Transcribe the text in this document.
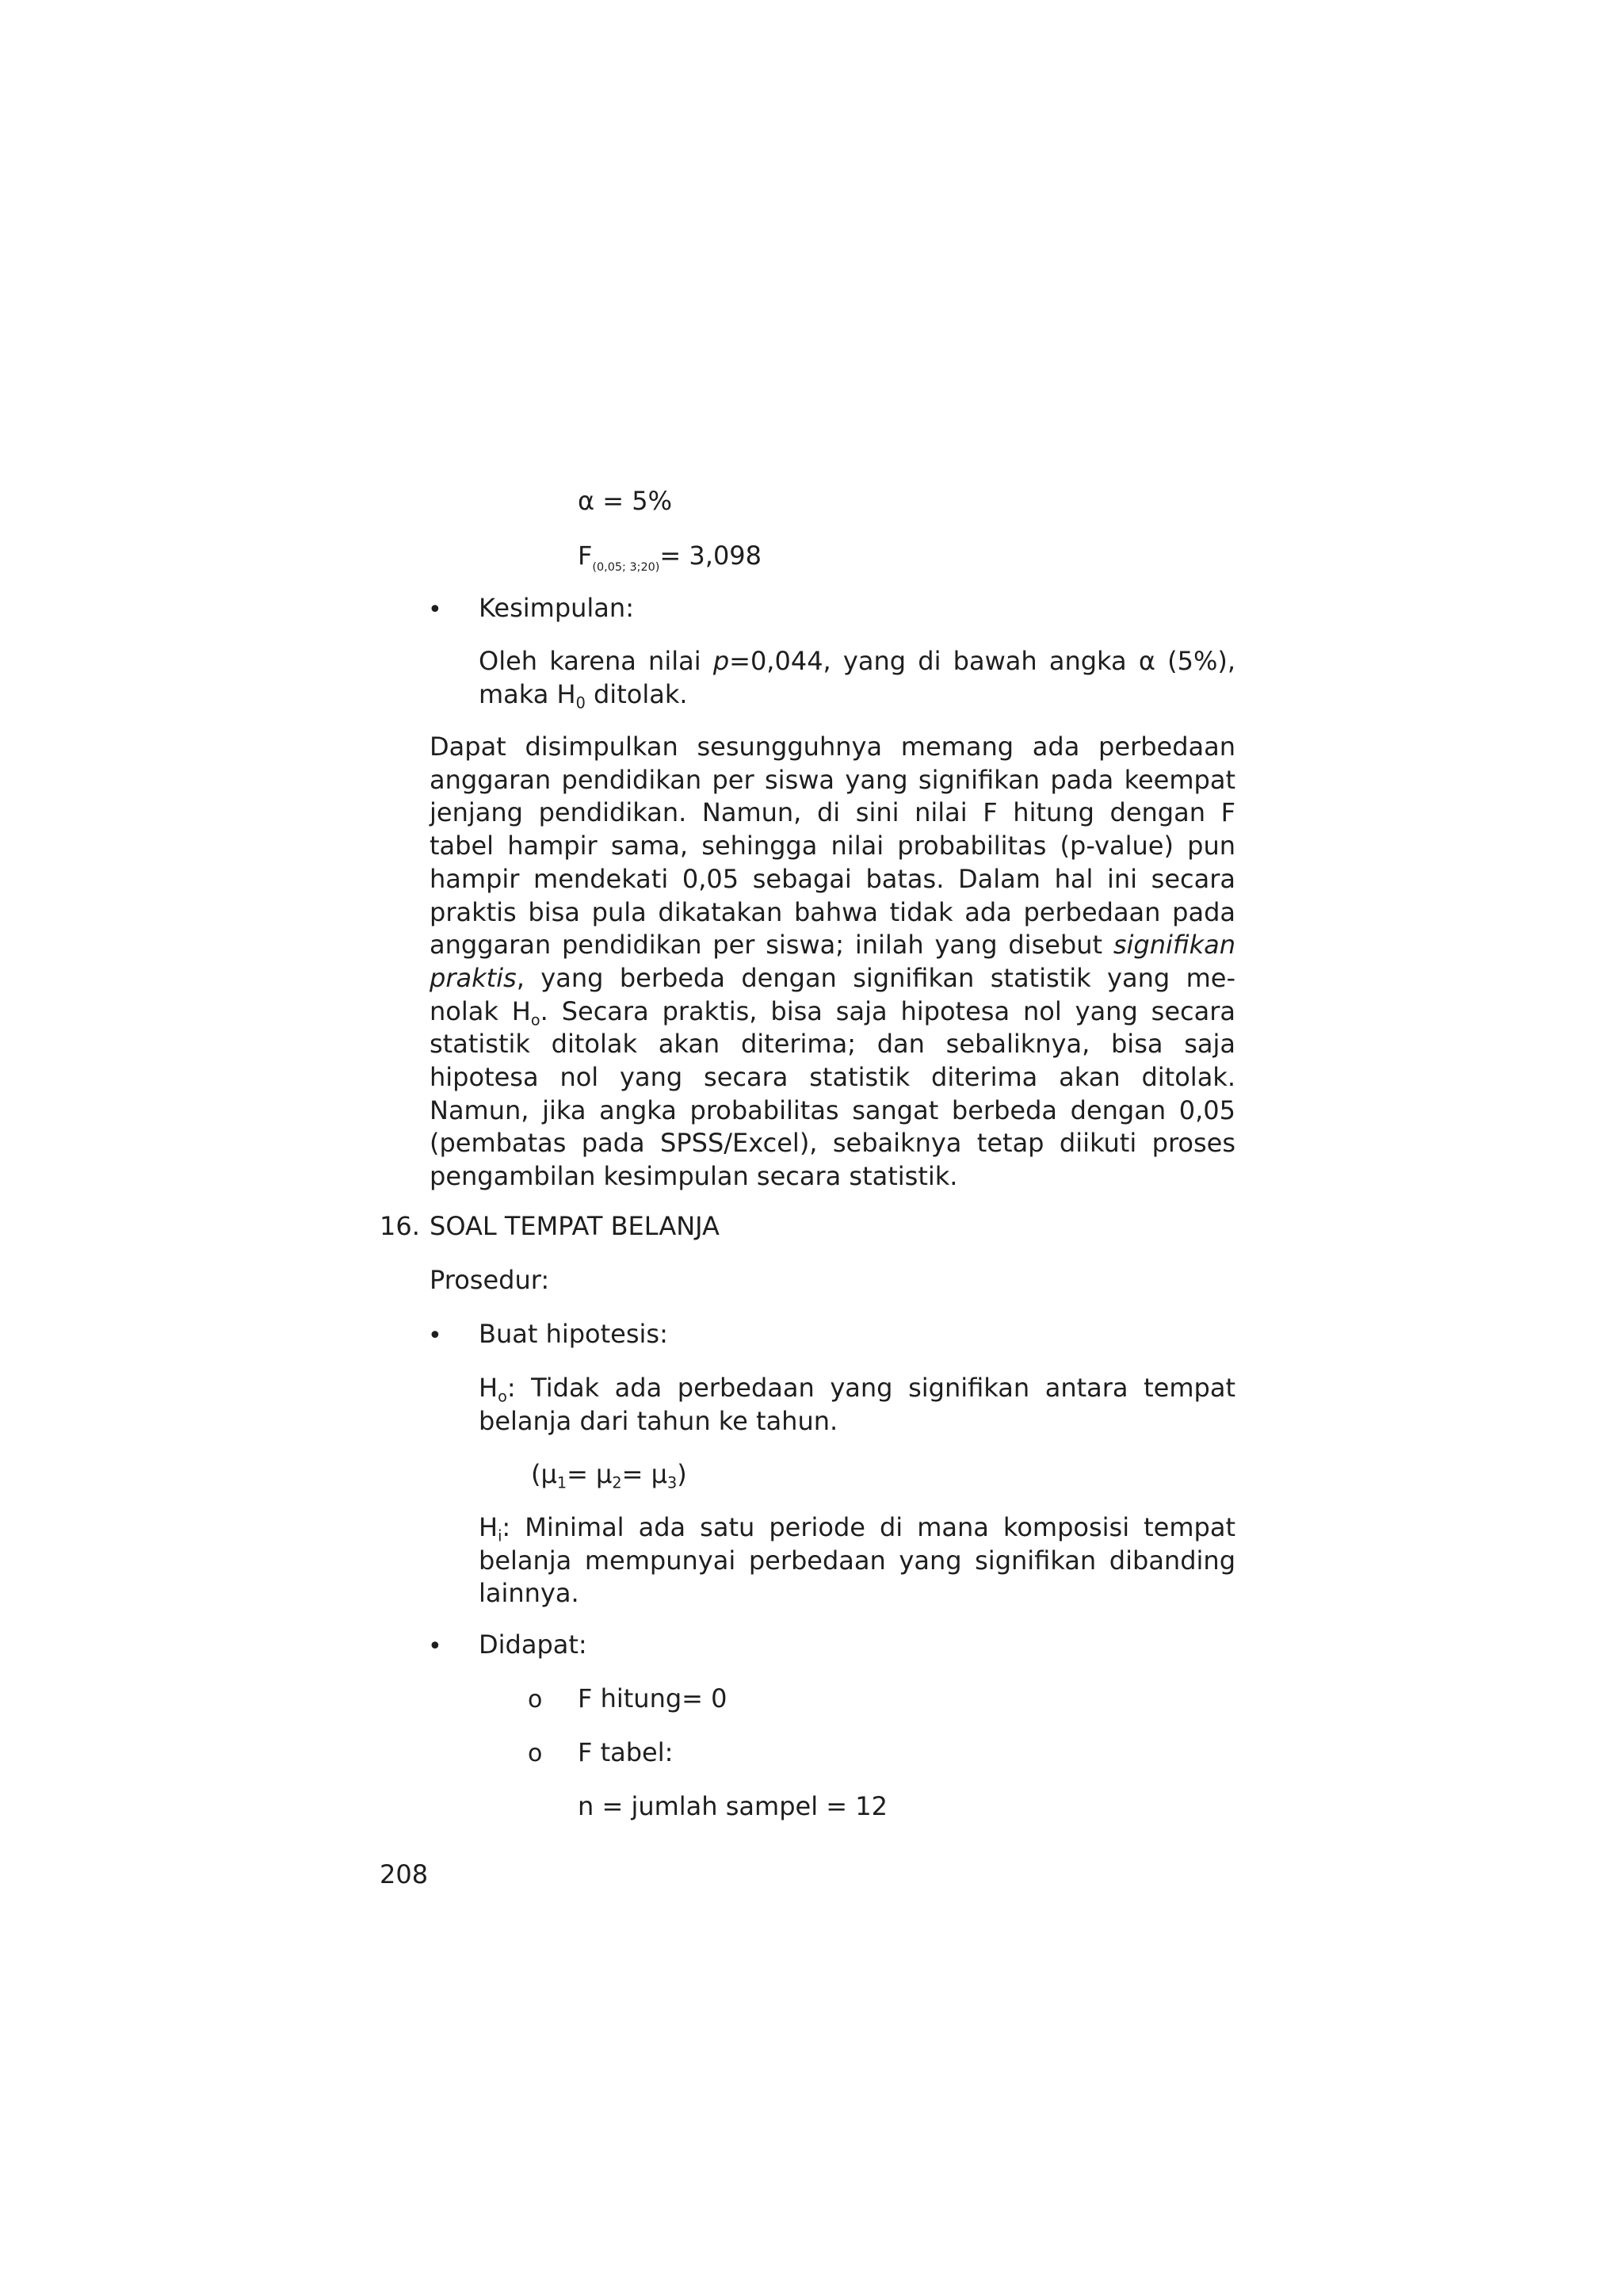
α = 5%
$F_{(0,05; 3;20)}= 3,098$
• Kesimpulan:
Oleh karena nilai p=0,044, yang di bawah angka α (5%), maka $H_0$ ditolak.
Dapat disimpulkan sesungguhnya memang ada perbedaan anggaran pendidikan per siswa yang signifikan pada keempat jenjang pendidikan. Namun, di sini nilai F hitung dengan F tabel hampir sama, sehingga nilai probabilitas (p-value) pun hampir mendekati 0,05 sebagai batas. Dalam hal ini secara praktis bisa pula dikatakan bahwa tidak ada perbedaan pada anggaran pendidikan per siswa; inilah yang disebut signifikan praktis, yang berbeda dengan signifikan statistik yang me-nolak $H_o$. Secara praktis, bisa saja hipotesa nol yang secara statistik ditolak akan diterima; dan sebaliknya, bisa saja hipotesa nol yang secara statistik diterima akan ditolak. Namun, jika angka probabilitas sangat berbeda dengan 0,05 (pembatas pada SPSS/Excel), sebaiknya tetap diikuti proses pengambilan kesimpulan secara statistik.
16. SOAL TEMPAT BELANJA
Prosedur:
• Buat hipotesis:
$H_o$: Tidak ada perbedaan yang signifikan antara tempat belanja dari tahun ke tahun.
$(\mu_1= \mu_2= \mu_3)$
$H_i$: Minimal ada satu periode di mana komposisi tempat belanja mempunyai perbedaan yang signifikan dibanding lainnya.
• Didapat:
o F hitung= 0
o F tabel:
n = jumlah sampel = 12
208
